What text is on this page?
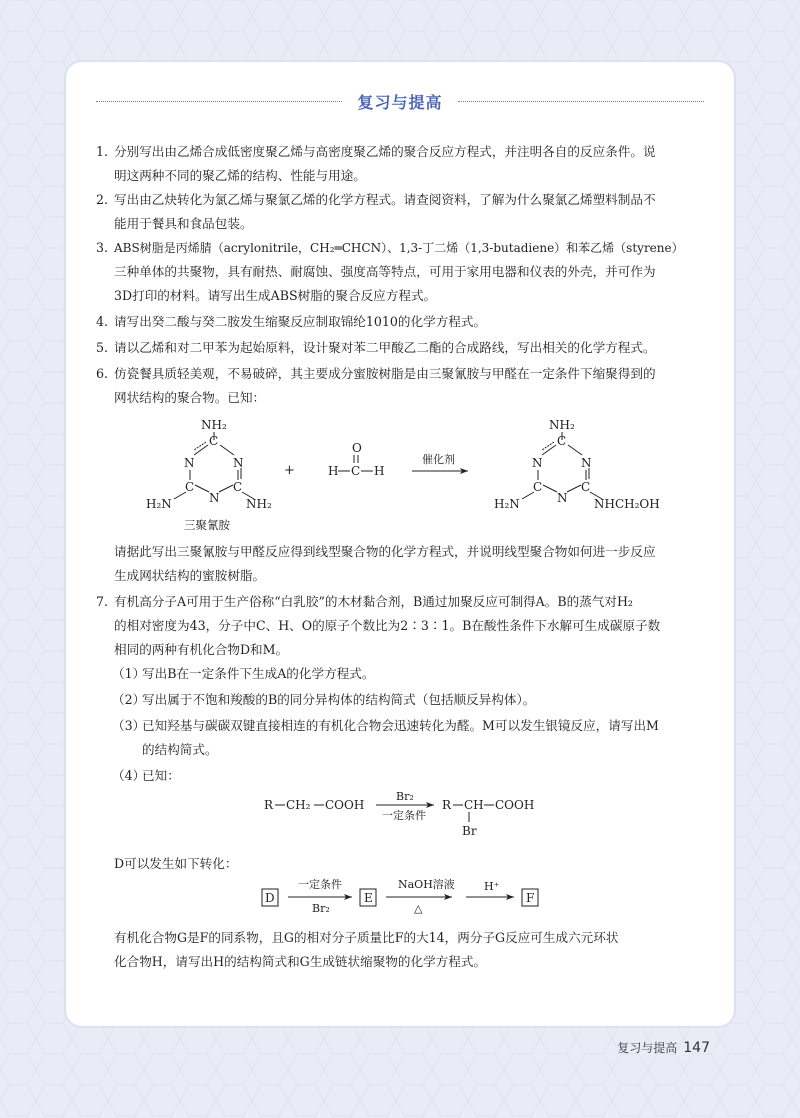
复习与提高
1. 分别写出由乙烯合成低密度聚乙烯与高密度聚乙烯的聚合反应方程式，并注明各自的反应条件。说
明这两种不同的聚乙烯的结构、性能与用途。
2. 写出由乙炔转化为氯乙烯与聚氯乙烯的化学方程式。请查阅资料，了解为什么聚氯乙烯塑料制品不
能用于餐具和食品包装。
3. ABS树脂是丙烯腈（acrylonitrile，CH₂═CHCN）、1,3-丁二烯（1,3-butadiene）和苯乙烯（styrene）
三种单体的共聚物，具有耐热、耐腐蚀、强度高等特点，可用于家用电器和仪表的外壳，并可作为
3D打印的材料。请写出生成ABS树脂的聚合反应方程式。
4. 请写出癸二酸与癸二胺发生缩聚反应制取锦纶1010的化学方程式。
5. 请以乙烯和对二甲苯为起始原料，设计聚对苯二甲酸乙二酯的合成路线，写出相关的化学方程式。
6. 仿瓷餐具质轻美观，不易破碎，其主要成分蜜胺树脂是由三聚氰胺与甲醛在一定条件下缩聚得到的
网状结构的聚合物。已知：
NH₂
C
N	N
C	C
N
H₂N	NH₂
三聚氰胺
+
O
H C H
催化剂
NH₂
C
N	N
C	C
N
H₂N	NHCH₂OH
请据此写出三聚氰胺与甲醛反应得到线型聚合物的化学方程式，并说明线型聚合物如何进一步反应
生成网状结构的蜜胺树脂。
7. 有机高分子A可用于生产俗称“白乳胶”的木材黏合剂，B通过加聚反应可制得A。B的蒸气对H₂
的相对密度为43，分子中C、H、O的原子个数比为2∶3∶1。B在酸性条件下水解可生成碳原子数
相同的两种有机化合物D和M。
（1）
写出B在一定条件下生成A的化学方程式。
（2）
写出属于不饱和羧酸的B的同分异构体的结构简式（包括顺反异构体）。
（3）
已知羟基与碳碳双键直接相连的有机化合物会迅速转化为醛。M可以发生银镜反应，请写出M
的结构简式。
（4）
已知：
R CH₂ COOH
Br₂
一定条件
R CH COOH
Br
D可以发生如下转化：
D
一定条件
Br₂
E
NaOH溶液
△
H⁺
F
有机化合物G是F的同系物，且G的相对分子质量比F的大14，两分子G反应可生成六元环状
化合物H，请写出H的结构简式和G生成链状缩聚物的化学方程式。
复习与提高 147
